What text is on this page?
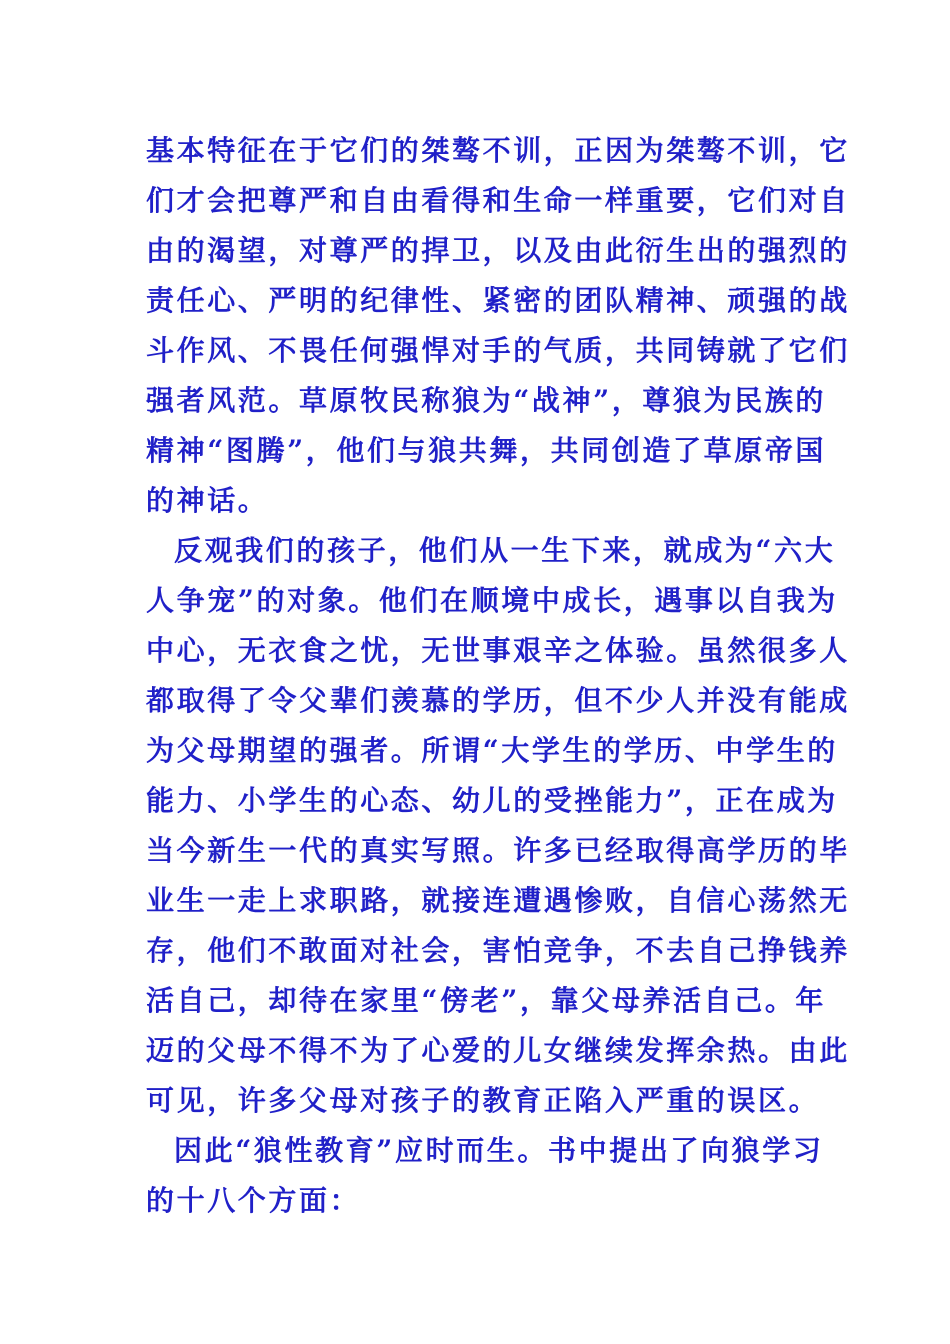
基本特征在于它们的桀骜不训，正因为桀骜不训，它
们才会把尊严和自由看得和生命一样重要，它们对自
由的渴望，对尊严的捍卫，以及由此衍生出的强烈的
责任心、严明的纪律性、紧密的团队精神、顽强的战
斗作风、不畏任何强悍对手的气质，共同铸就了它们
强者风范。草原牧民称狼为“战神”，尊狼为民族的
精神“图腾”，他们与狼共舞，共同创造了草原帝国
的神话。
反观我们的孩子，他们从一生下来，就成为“六大
人争宠”的对象。他们在顺境中成长，遇事以自我为
中心，无衣食之忧，无世事艰辛之体验。虽然很多人
都取得了令父辈们羡慕的学历，但不少人并没有能成
为父母期望的强者。所谓“大学生的学历、中学生的
能力、小学生的心态、幼儿的受挫能力”，正在成为
当今新生一代的真实写照。许多已经取得高学历的毕
业生一走上求职路，就接连遭遇惨败，自信心荡然无
存，他们不敢面对社会，害怕竞争，不去自己挣钱养
活自己，却待在家里“傍老”，靠父母养活自己。年
迈的父母不得不为了心爱的儿女继续发挥余热。由此
可见，许多父母对孩子的教育正陷入严重的误区。
因此“狼性教育”应时而生。书中提出了向狼学习
的十八个方面：
